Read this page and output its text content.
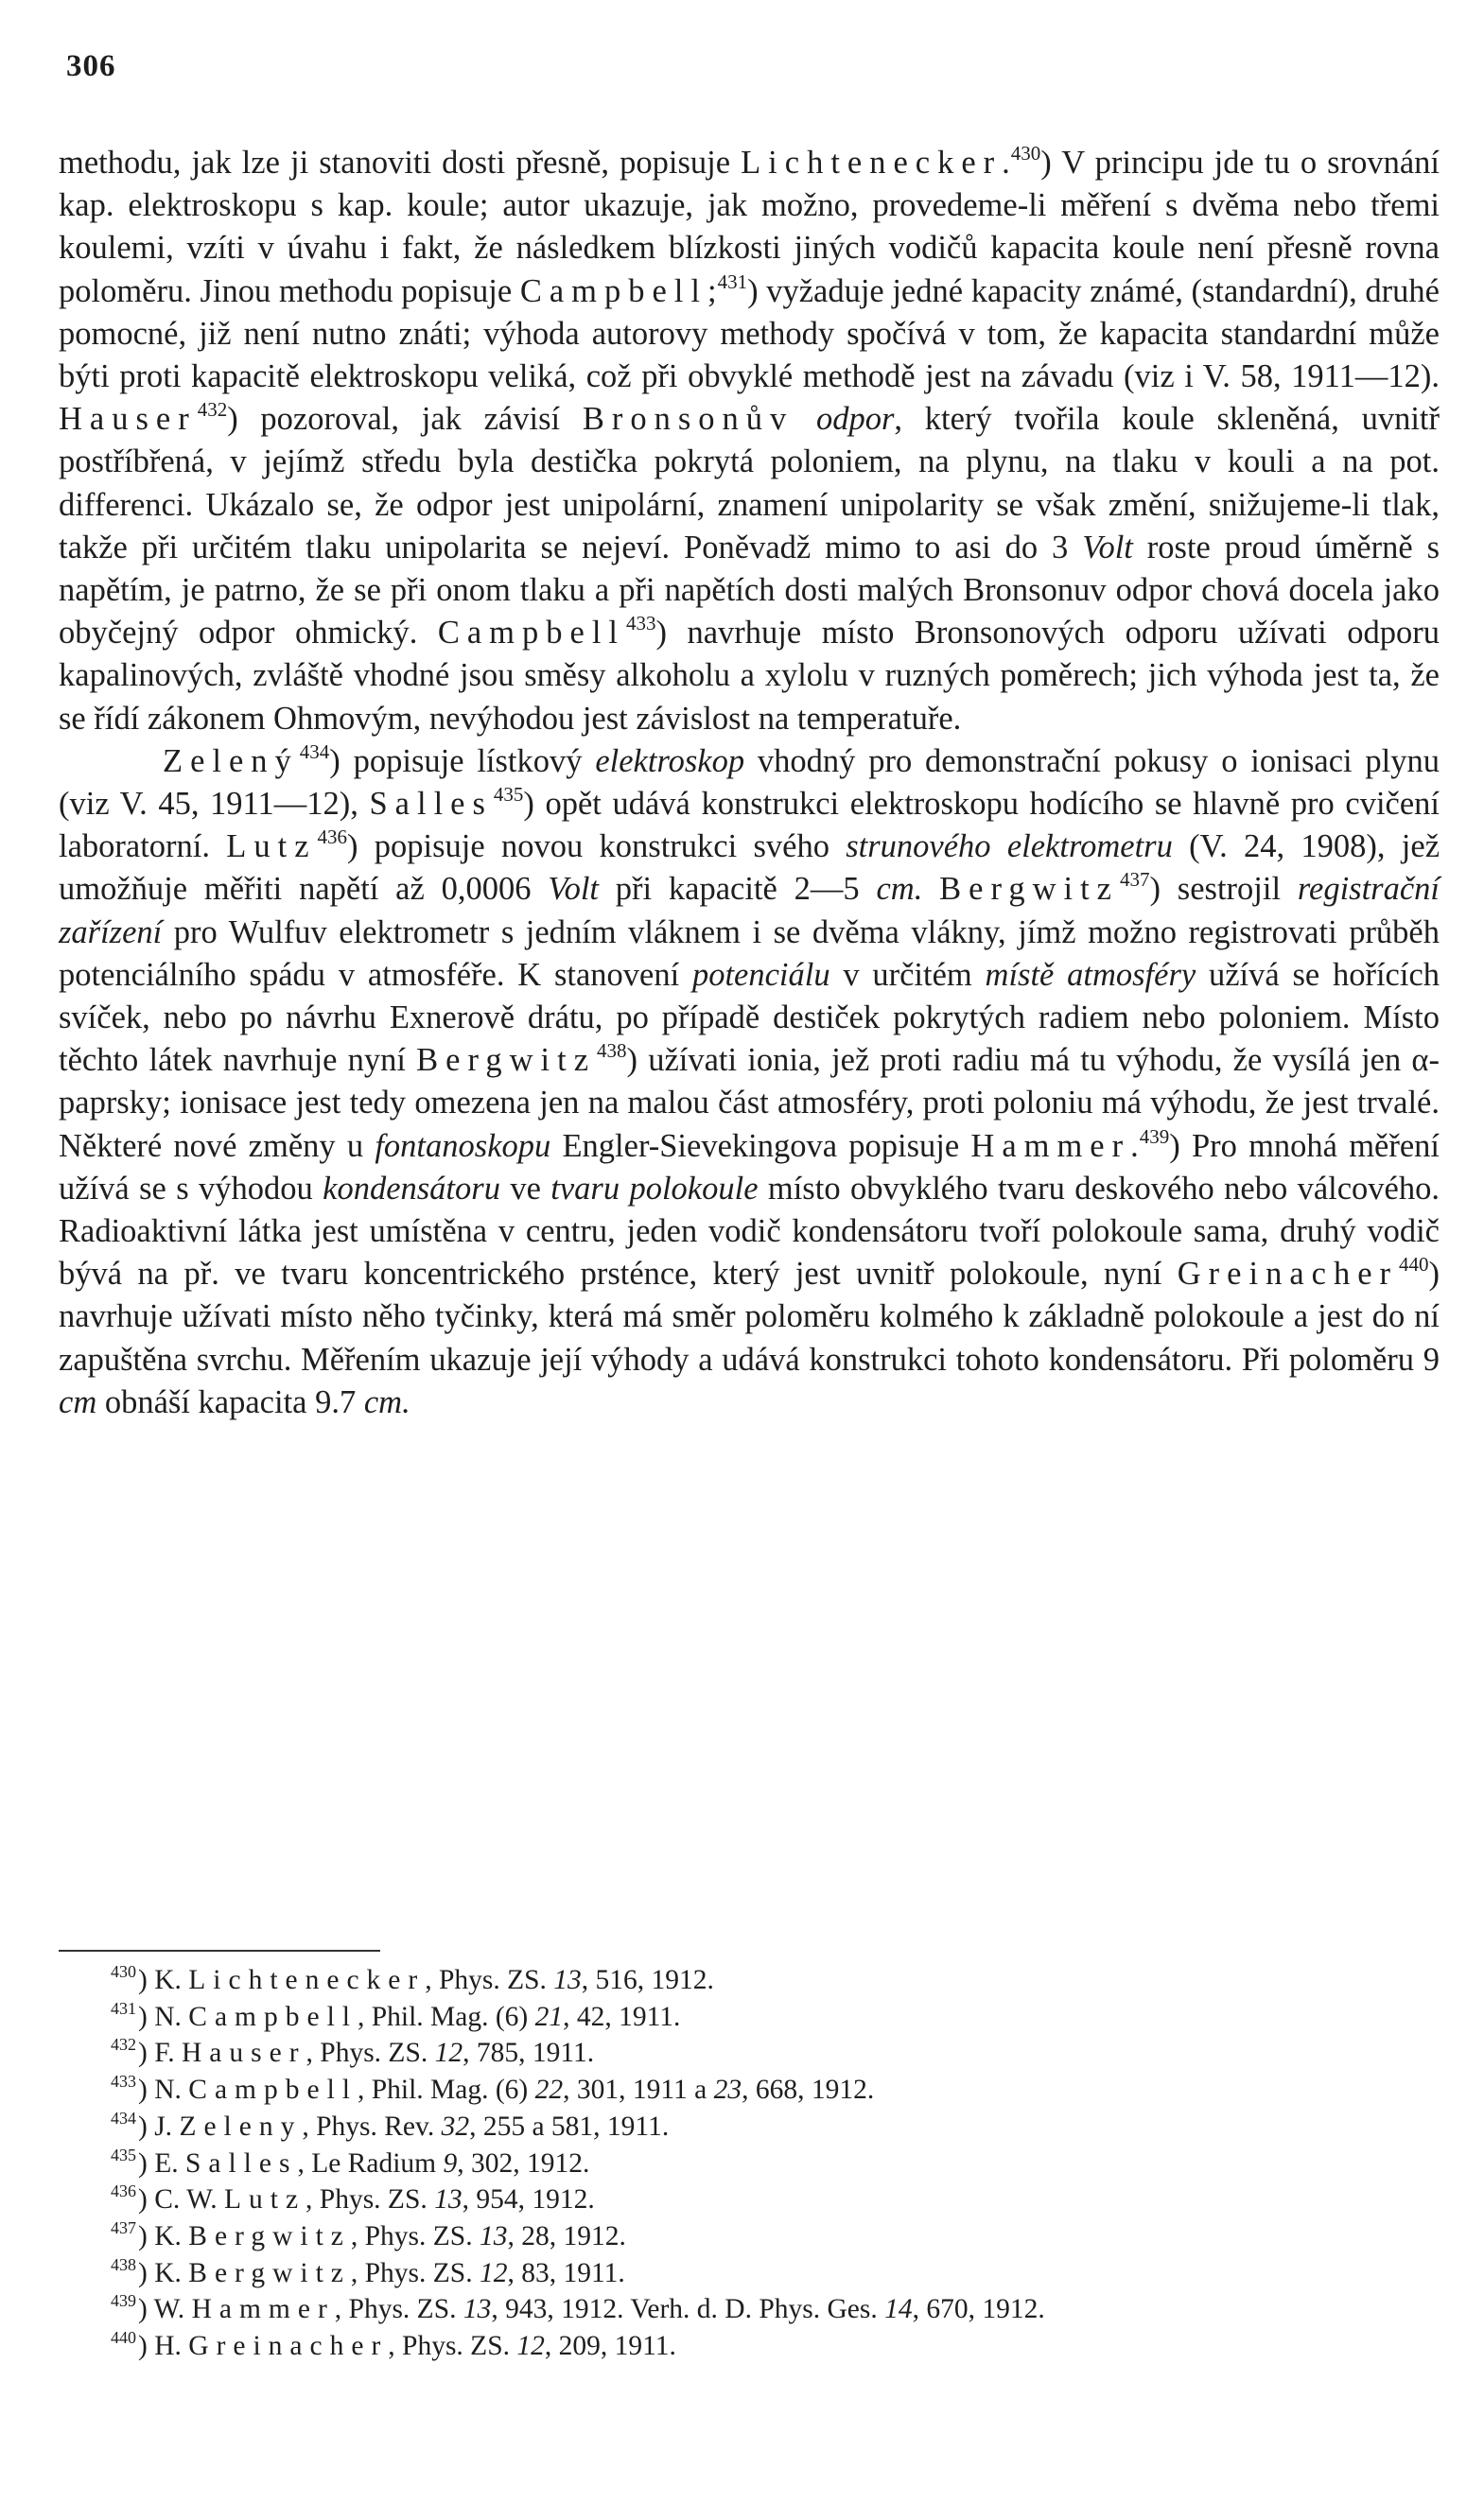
306

methodu, jak lze ji stanoviti dosti přesně, popisuje Lichtenecker.$^{430}$) V principu jde tu o srovnání kap. elektroskopu s kap. koule; autor ukazuje, jak možno, provedeme-li měření s dvěma nebo třemi koulemi, vzíti v úvahu i fakt, že následkem blízkosti jiných vodičů kapacita koule není přesně rovna poloměru. Jinou methodu popisuje Campbell;$^{431}$) vyžaduje jedné kapacity známé, (standardní), druhé pomocné, již není nutno znáti; výhoda autorovy methody spočívá v tom, že kapacita standardní může býti proti kapacitě elektroskopu veliká, což při obvyklé methodě jest na závadu (viz i V. 58, 1911—12). Hauser$^{432}$) pozoroval, jak závisí Bronsonův odpor, který tvořila koule skleněná, uvnitř postříbřená, v jejímž středu byla destička pokrytá poloniem, na plynu, na tlaku v kouli a na pot. differenci. Ukázalo se, že odpor jest unipolární, znamení unipolarity se však změní, snižujeme-li tlak, takže při určitém tlaku unipolarita se nejeví. Poněvadž mimo to asi do 3 Volt roste proud úměrně s napětím, je patrno, že se při onom tlaku a při napětích dosti malých Bronsonuv odpor chová docela jako obyčejný odpor ohmický. Campbell$^{433}$) navrhuje místo Bronsonových odporu užívati odporu kapalinových, zvláště vhodné jsou směsy alkoholu a xylolu v ruzných poměrech; jich výhoda jest ta, že se řídí zákonem Ohmovým, nevýhodou jest závislost na temperatuře.

Zelený$^{434}$) popisuje lístkový elektroskop vhodný pro demonstrační pokusy o ionisaci plynu (viz V. 45, 1911—12), Salles$^{435}$) opět udává konstrukci elektroskopu hodícího se hlavně pro cvičení laboratorní. Lutz$^{436}$) popisuje novou konstrukci svého strunového elektrometru (V. 24, 1908), jež umožňuje měřiti napětí až 0,0006 Volt při kapacitě 2—5 cm. Bergwitz$^{437}$) sestrojil registrační zařízení pro Wulfuv elektrometr s jedním vláknem i se dvěma vlákny, jímž možno registrovati průběh potenciálního spádu v atmosféře. K stanovení potenciálu v určitém místě atmosféry užívá se hořících svíček, nebo po návrhu Exnerově drátu, po případě destiček pokrytých radiem nebo poloniem. Místo těchto látek navrhuje nyní Bergwitz$^{438}$) užívati ionia, jež proti radiu má tu výhodu, že vysílá jen α-paprsky; ionisace jest tedy omezena jen na malou část atmosféry, proti poloniu má výhodu, že jest trvalé. Některé nové změny u fontanoskopu Engler-Sievekingova popisuje Hammer.$^{439}$) Pro mnohá měření užívá se s výhodou kondensátoru ve tvaru polokoule místo obvyklého tvaru deskového nebo válcového. Radioaktivní látka jest umístěna v centru, jeden vodič kondensátoru tvoří polokoule sama, druhý vodič bývá na př. ve tvaru koncentrického prsténce, který jest uvnitř polokoule, nyní Greinacher$^{440}$) navrhuje užívati místo něho tyčinky, která má směr poloměru kolmého k základně polokoule a jest do ní zapuštěna svrchu. Měřením ukazuje její výhody a udává konstrukci tohoto kondensátoru. Při poloměru 9 cm obnáší kapacita 9.7 cm.

$^{430}$) K. Lichtenecker, Phys. ZS. 13, 516, 1912.
$^{431}$) N. Campbell, Phil. Mag. (6) 21, 42, 1911.
$^{432}$) F. Hauser, Phys. ZS. 12, 785, 1911.
$^{433}$) N. Campbell, Phil. Mag. (6) 22, 301, 1911 a 23, 668, 1912.
$^{434}$) J. Zeleny, Phys. Rev. 32, 255 a 581, 1911.
$^{435}$) E. Salles, Le Radium 9, 302, 1912.
$^{436}$) C. W. Lutz, Phys. ZS. 13, 954, 1912.
$^{437}$) K. Bergwitz, Phys. ZS. 13, 28, 1912.
$^{438}$) K. Bergwitz, Phys. ZS. 12, 83, 1911.
$^{439}$) W. Hammer, Phys. ZS. 13, 943, 1912. Verh. d. D. Phys. Ges. 14, 670, 1912.
$^{440}$) H. Greinacher, Phys. ZS. 12, 209, 1911.
